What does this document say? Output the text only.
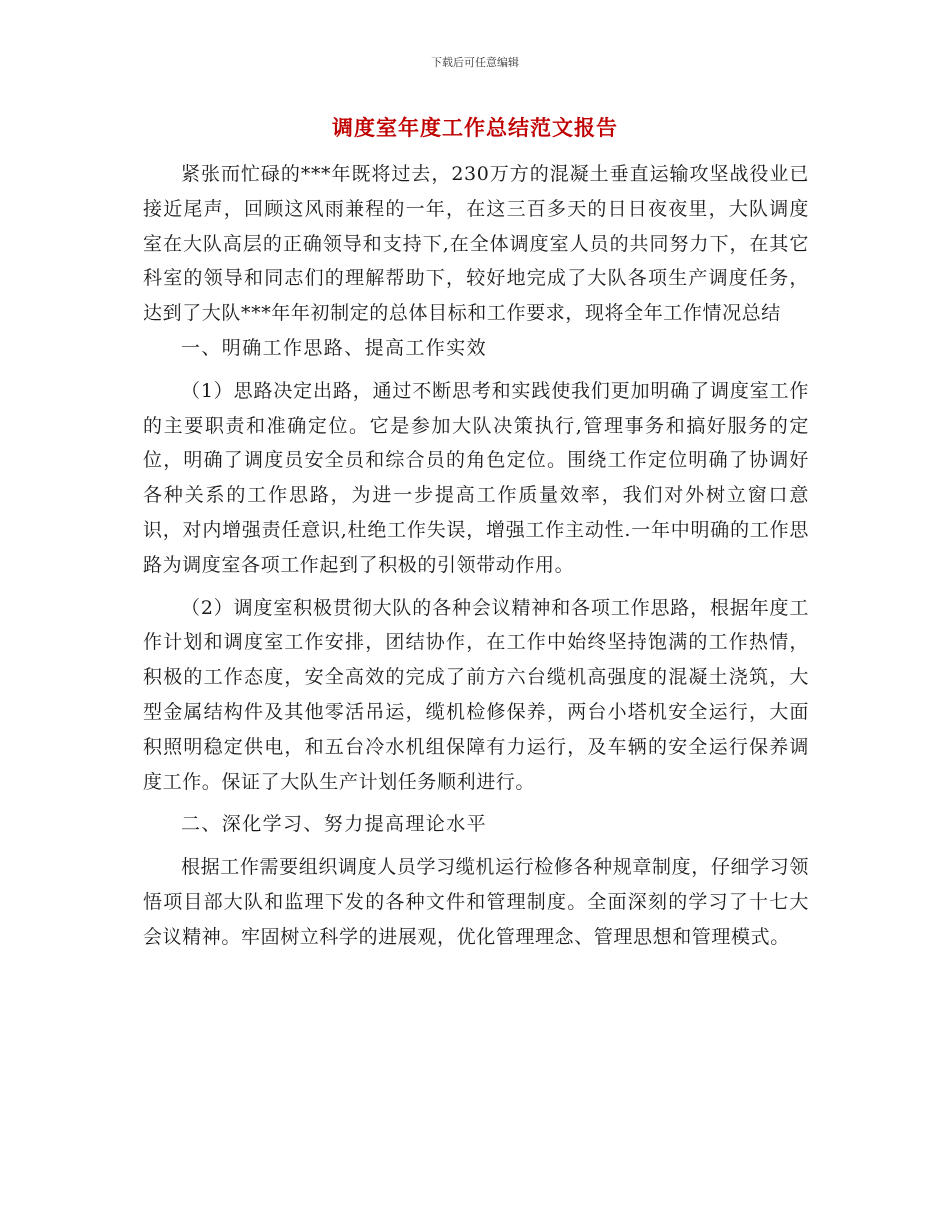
下载后可任意编辑
调度室年度工作总结范文报告

紧张而忙碌的***年既将过去，230万方的混凝土垂直运输攻坚战役业已接近尾声，回顾这风雨兼程的一年，在这三百多天的日日夜夜里，大队调度室在大队高层的正确领导和支持下,在全体调度室人员的共同努力下，在其它科室的领导和同志们的理解帮助下，较好地完成了大队各项生产调度任务，达到了大队***年年初制定的总体目标和工作要求，现将全年工作情况总结

一、明确工作思路、提高工作实效

（1）思路决定出路，通过不断思考和实践使我们更加明确了调度室工作的主要职责和准确定位。它是参加大队决策执行,管理事务和搞好服务的定位，明确了调度员安全员和综合员的角色定位。围绕工作定位明确了协调好各种关系的工作思路，为进一步提高工作质量效率，我们对外树立窗口意识，对内增强责任意识,杜绝工作失误，增强工作主动性.一年中明确的工作思路为调度室各项工作起到了积极的引领带动作用。

（2）调度室积极贯彻大队的各种会议精神和各项工作思路，根据年度工作计划和调度室工作安排，团结协作，在工作中始终坚持饱满的工作热情，积极的工作态度，安全高效的完成了前方六台缆机高强度的混凝土浇筑，大型金属结构件及其他零活吊运，缆机检修保养，两台小塔机安全运行，大面积照明稳定供电，和五台冷水机组保障有力运行，及车辆的安全运行保养调度工作。保证了大队生产计划任务顺利进行。

二、深化学习、努力提高理论水平

根据工作需要组织调度人员学习缆机运行检修各种规章制度，仔细学习领悟项目部大队和监理下发的各种文件和管理制度。全面深刻的学习了十七大会议精神。牢固树立科学的进展观，优化管理理念、管理思想和管理模式。
